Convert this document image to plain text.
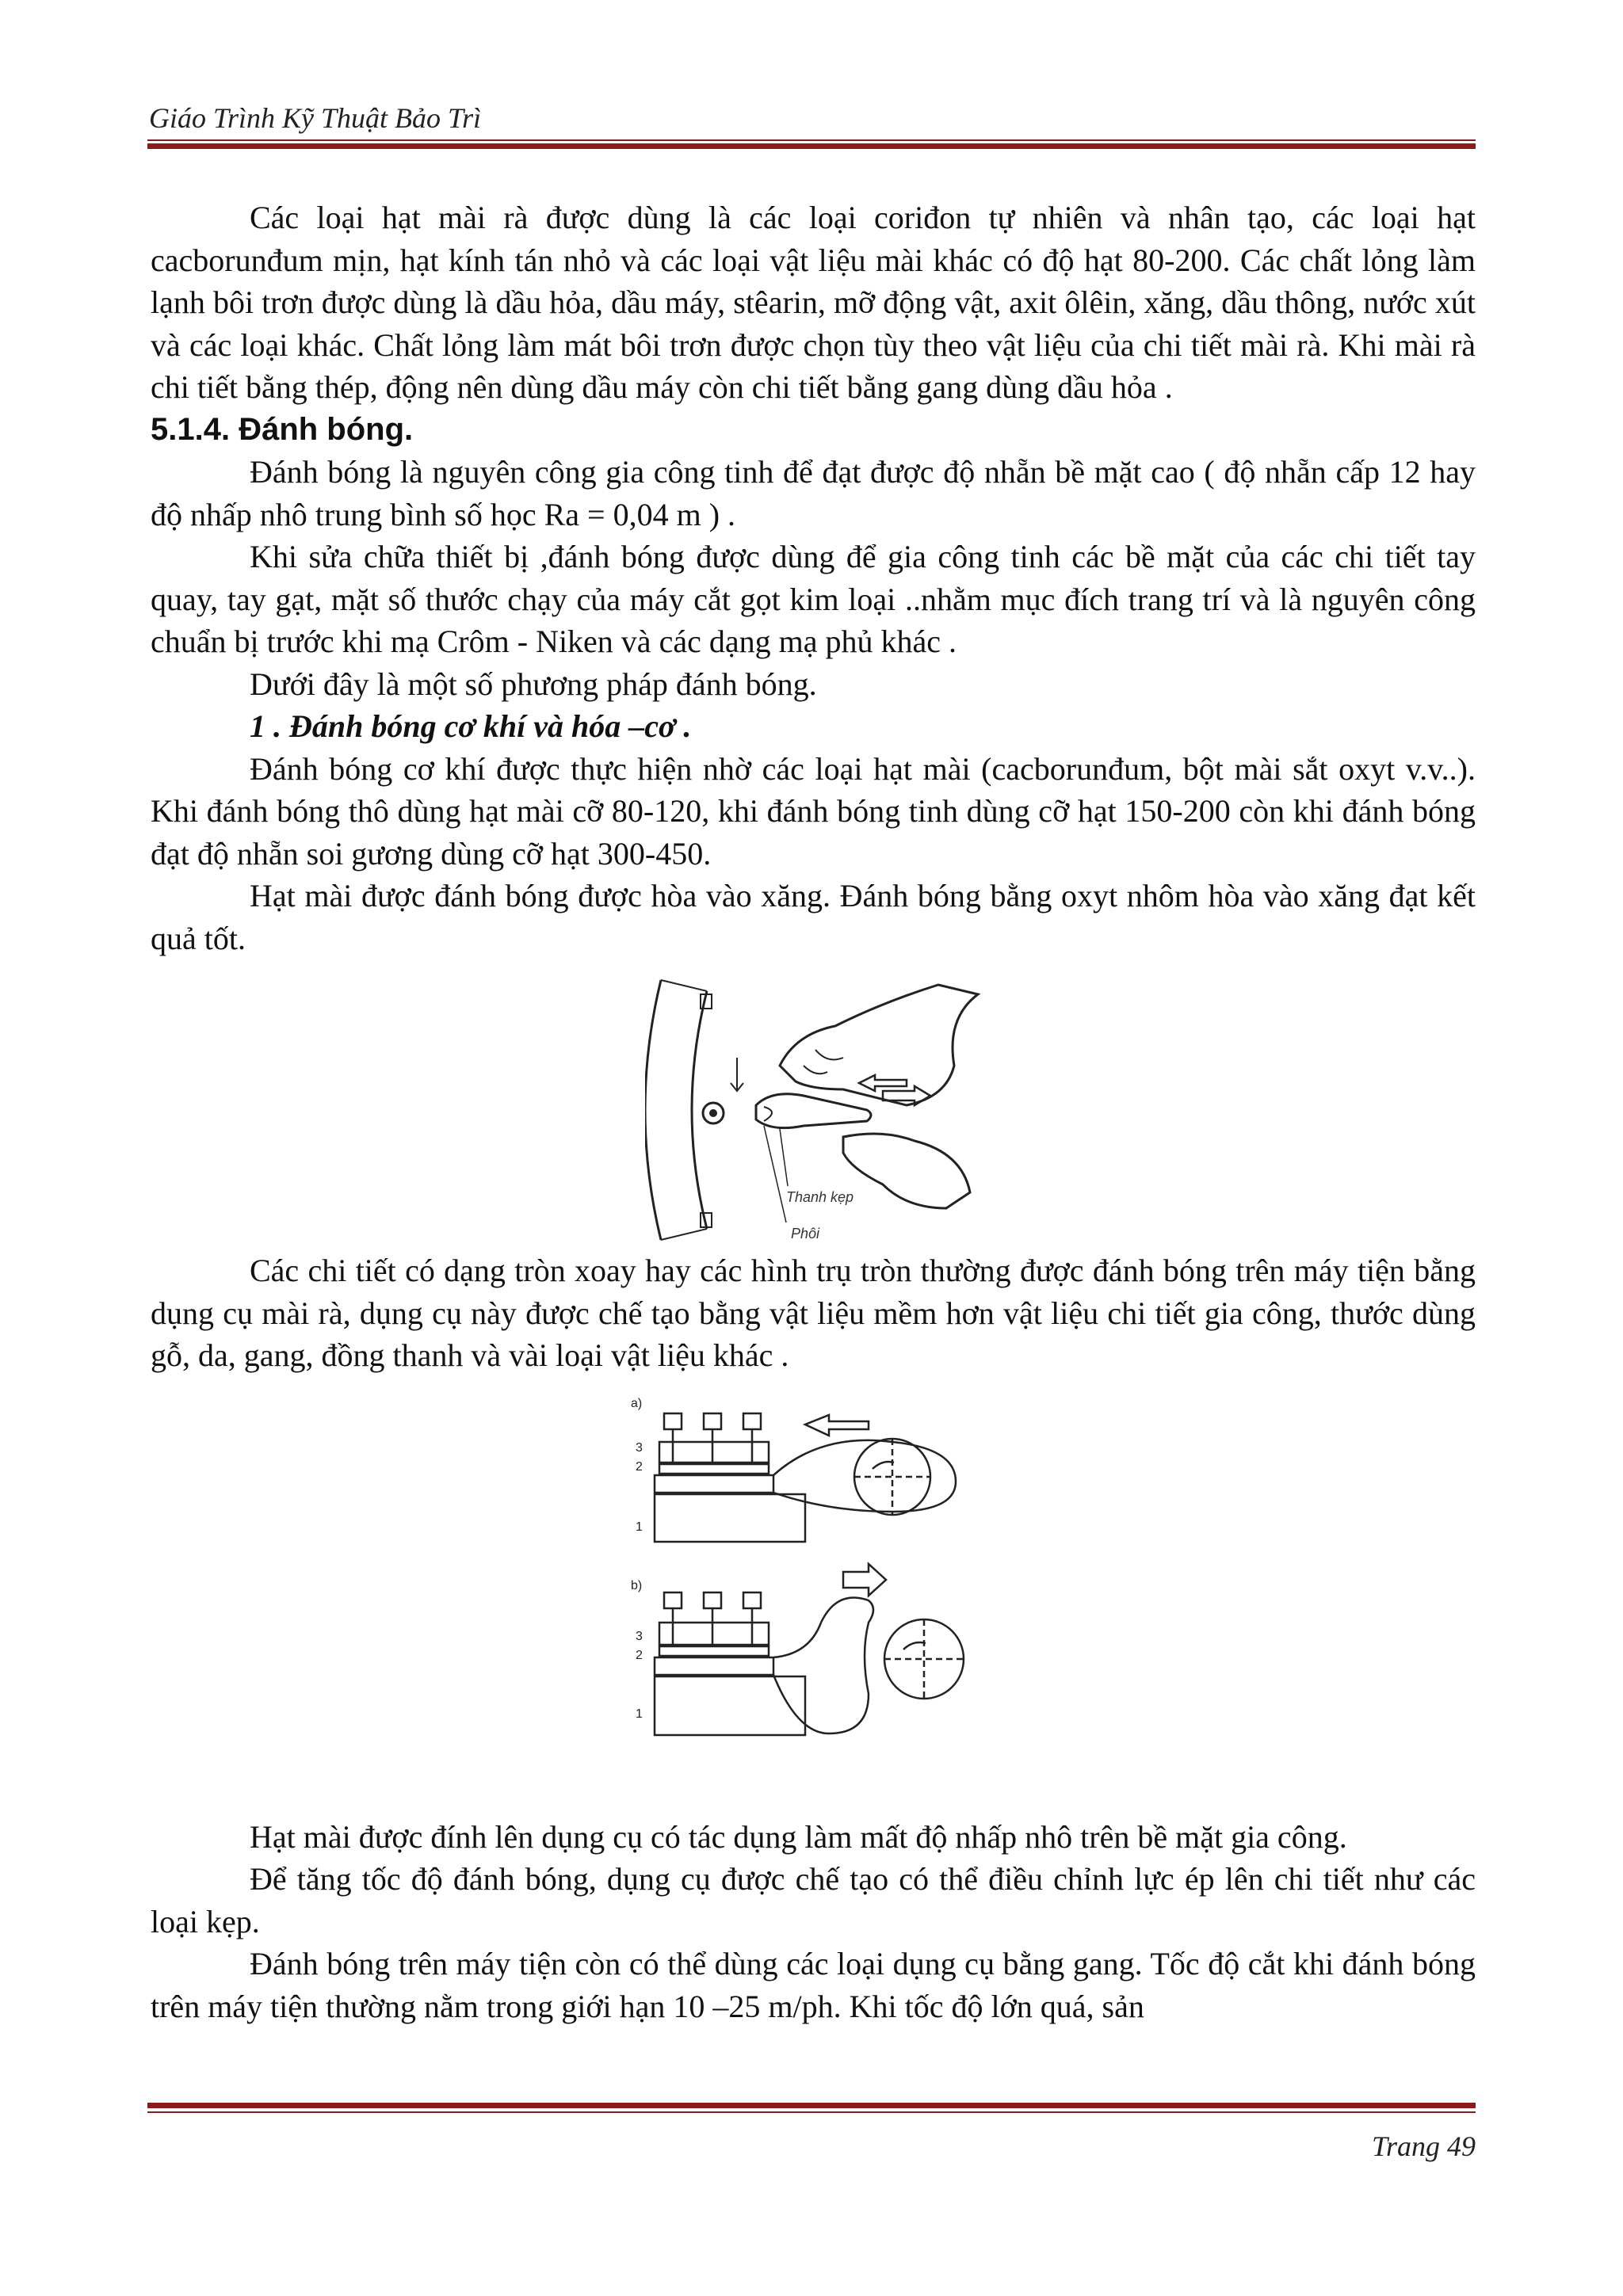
Giáo Trình Kỹ Thuật Bảo Trì

Các loại hạt mài rà được dùng là các loại coriđon tự nhiên và nhân tạo, các loại hạt cacborunđum mịn, hạt kính tán nhỏ và các loại vật liệu mài khác có độ hạt 80-200. Các chất lỏng làm lạnh bôi trơn được dùng là dầu hỏa, dầu máy, stêarin, mỡ động vật, axit ôlêin, xăng, dầu thông, nước xút và các loại khác. Chất lỏng làm mát bôi trơn được chọn tùy theo vật liệu của chi tiết mài rà. Khi mài rà chi tiết bằng thép, động nên dùng dầu máy còn chi tiết bằng gang dùng dầu hỏa .

5.1.4. Đánh bóng.

Đánh bóng là nguyên công gia công tinh để đạt được độ nhẵn bề mặt cao ( độ nhẵn cấp 12 hay độ nhấp nhô trung bình số học Ra = 0,04 m ) .

Khi sửa chữa thiết bị ,đánh bóng được dùng để gia công tinh các bề mặt của các chi tiết tay quay, tay gạt, mặt số thước chạy của máy cắt gọt kim loại ..nhằm mục đích trang trí và là nguyên công chuẩn bị trước khi mạ Crôm - Niken và các dạng mạ phủ khác .

Dưới đây là một số phương pháp đánh bóng.

1 . Đánh bóng cơ khí và hóa –cơ .

Đánh bóng cơ khí được thực hiện nhờ các loại hạt mài (cacborunđum, bột mài sắt oxyt v.v..). Khi đánh bóng thô dùng hạt mài cỡ 80-120, khi đánh bóng tinh dùng cỡ hạt 150-200 còn khi đánh bóng đạt độ nhẵn soi gương dùng cỡ hạt 300-450.

Hạt mài được đánh bóng được hòa vào xăng. Đánh bóng bằng oxyt nhôm hòa vào xăng đạt kết quả tốt.

Thanh kẹp
Phôi

Các chi tiết có dạng tròn xoay hay các hình trụ tròn thường được đánh bóng trên máy tiện bằng dụng cụ mài rà, dụng cụ này được chế tạo bằng vật liệu mềm hơn vật liệu chi tiết gia công, thước dùng gỗ, da, gang, đồng thanh và vài loại vật liệu khác .

a)
3
2
1
b)
3
2
1

Hạt mài được đính lên dụng cụ có tác dụng làm mất độ nhấp nhô trên bề mặt gia công.

Để tăng tốc độ đánh bóng, dụng cụ được chế tạo có thể điều chỉnh lực ép lên chi tiết như các loại kẹp.

Đánh bóng trên máy tiện còn có thể dùng các loại dụng cụ bằng gang. Tốc độ cắt khi đánh bóng trên máy tiện thường nằm trong giới hạn 10 –25 m/ph. Khi tốc độ lớn quá, sản

Trang 49
